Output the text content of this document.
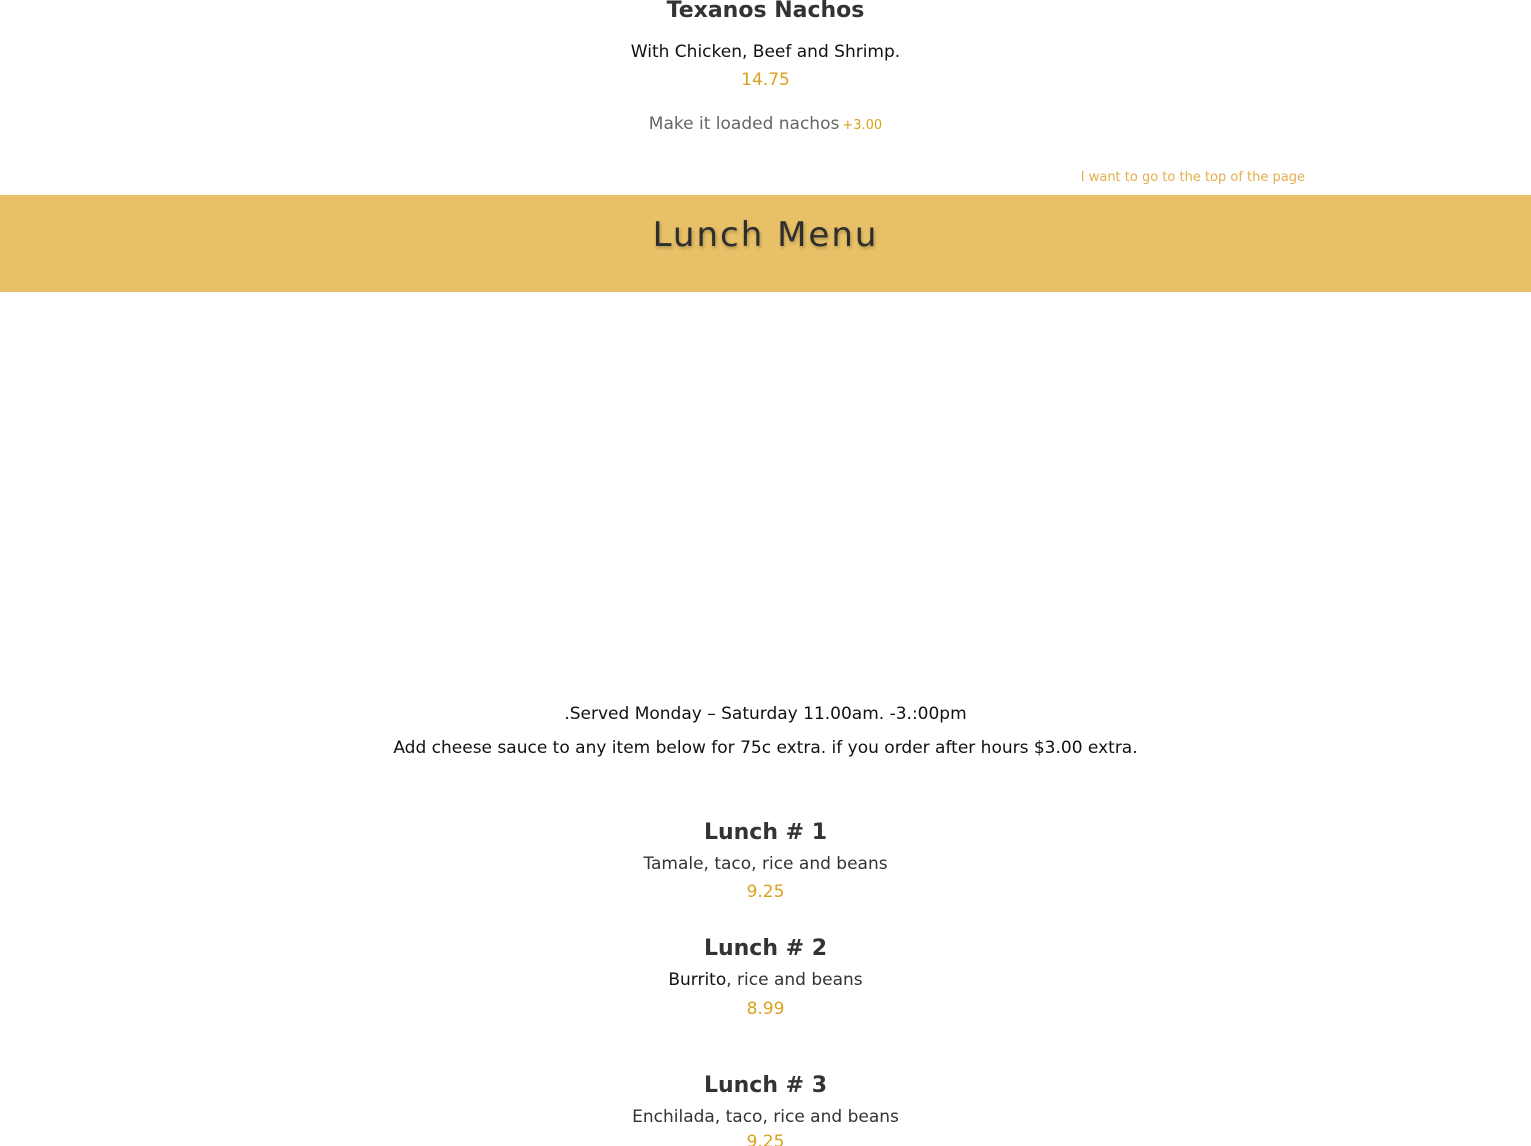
Texanos Nachos
With Chicken, Beef and Shrimp.
14.75
Make it loaded nachos +3.00
I want to go to the top of the page
Lunch Menu
.Served Monday – Saturday 11.00am. -3.:00pm
Add cheese sauce to any item below for 75c extra. if you order after hours $3.00 extra.
Lunch # 1
Tamale, taco, rice and beans
9.25
Lunch # 2
Burrito, rice and beans
8.99
Lunch # 3
Enchilada, taco, rice and beans
9.25
